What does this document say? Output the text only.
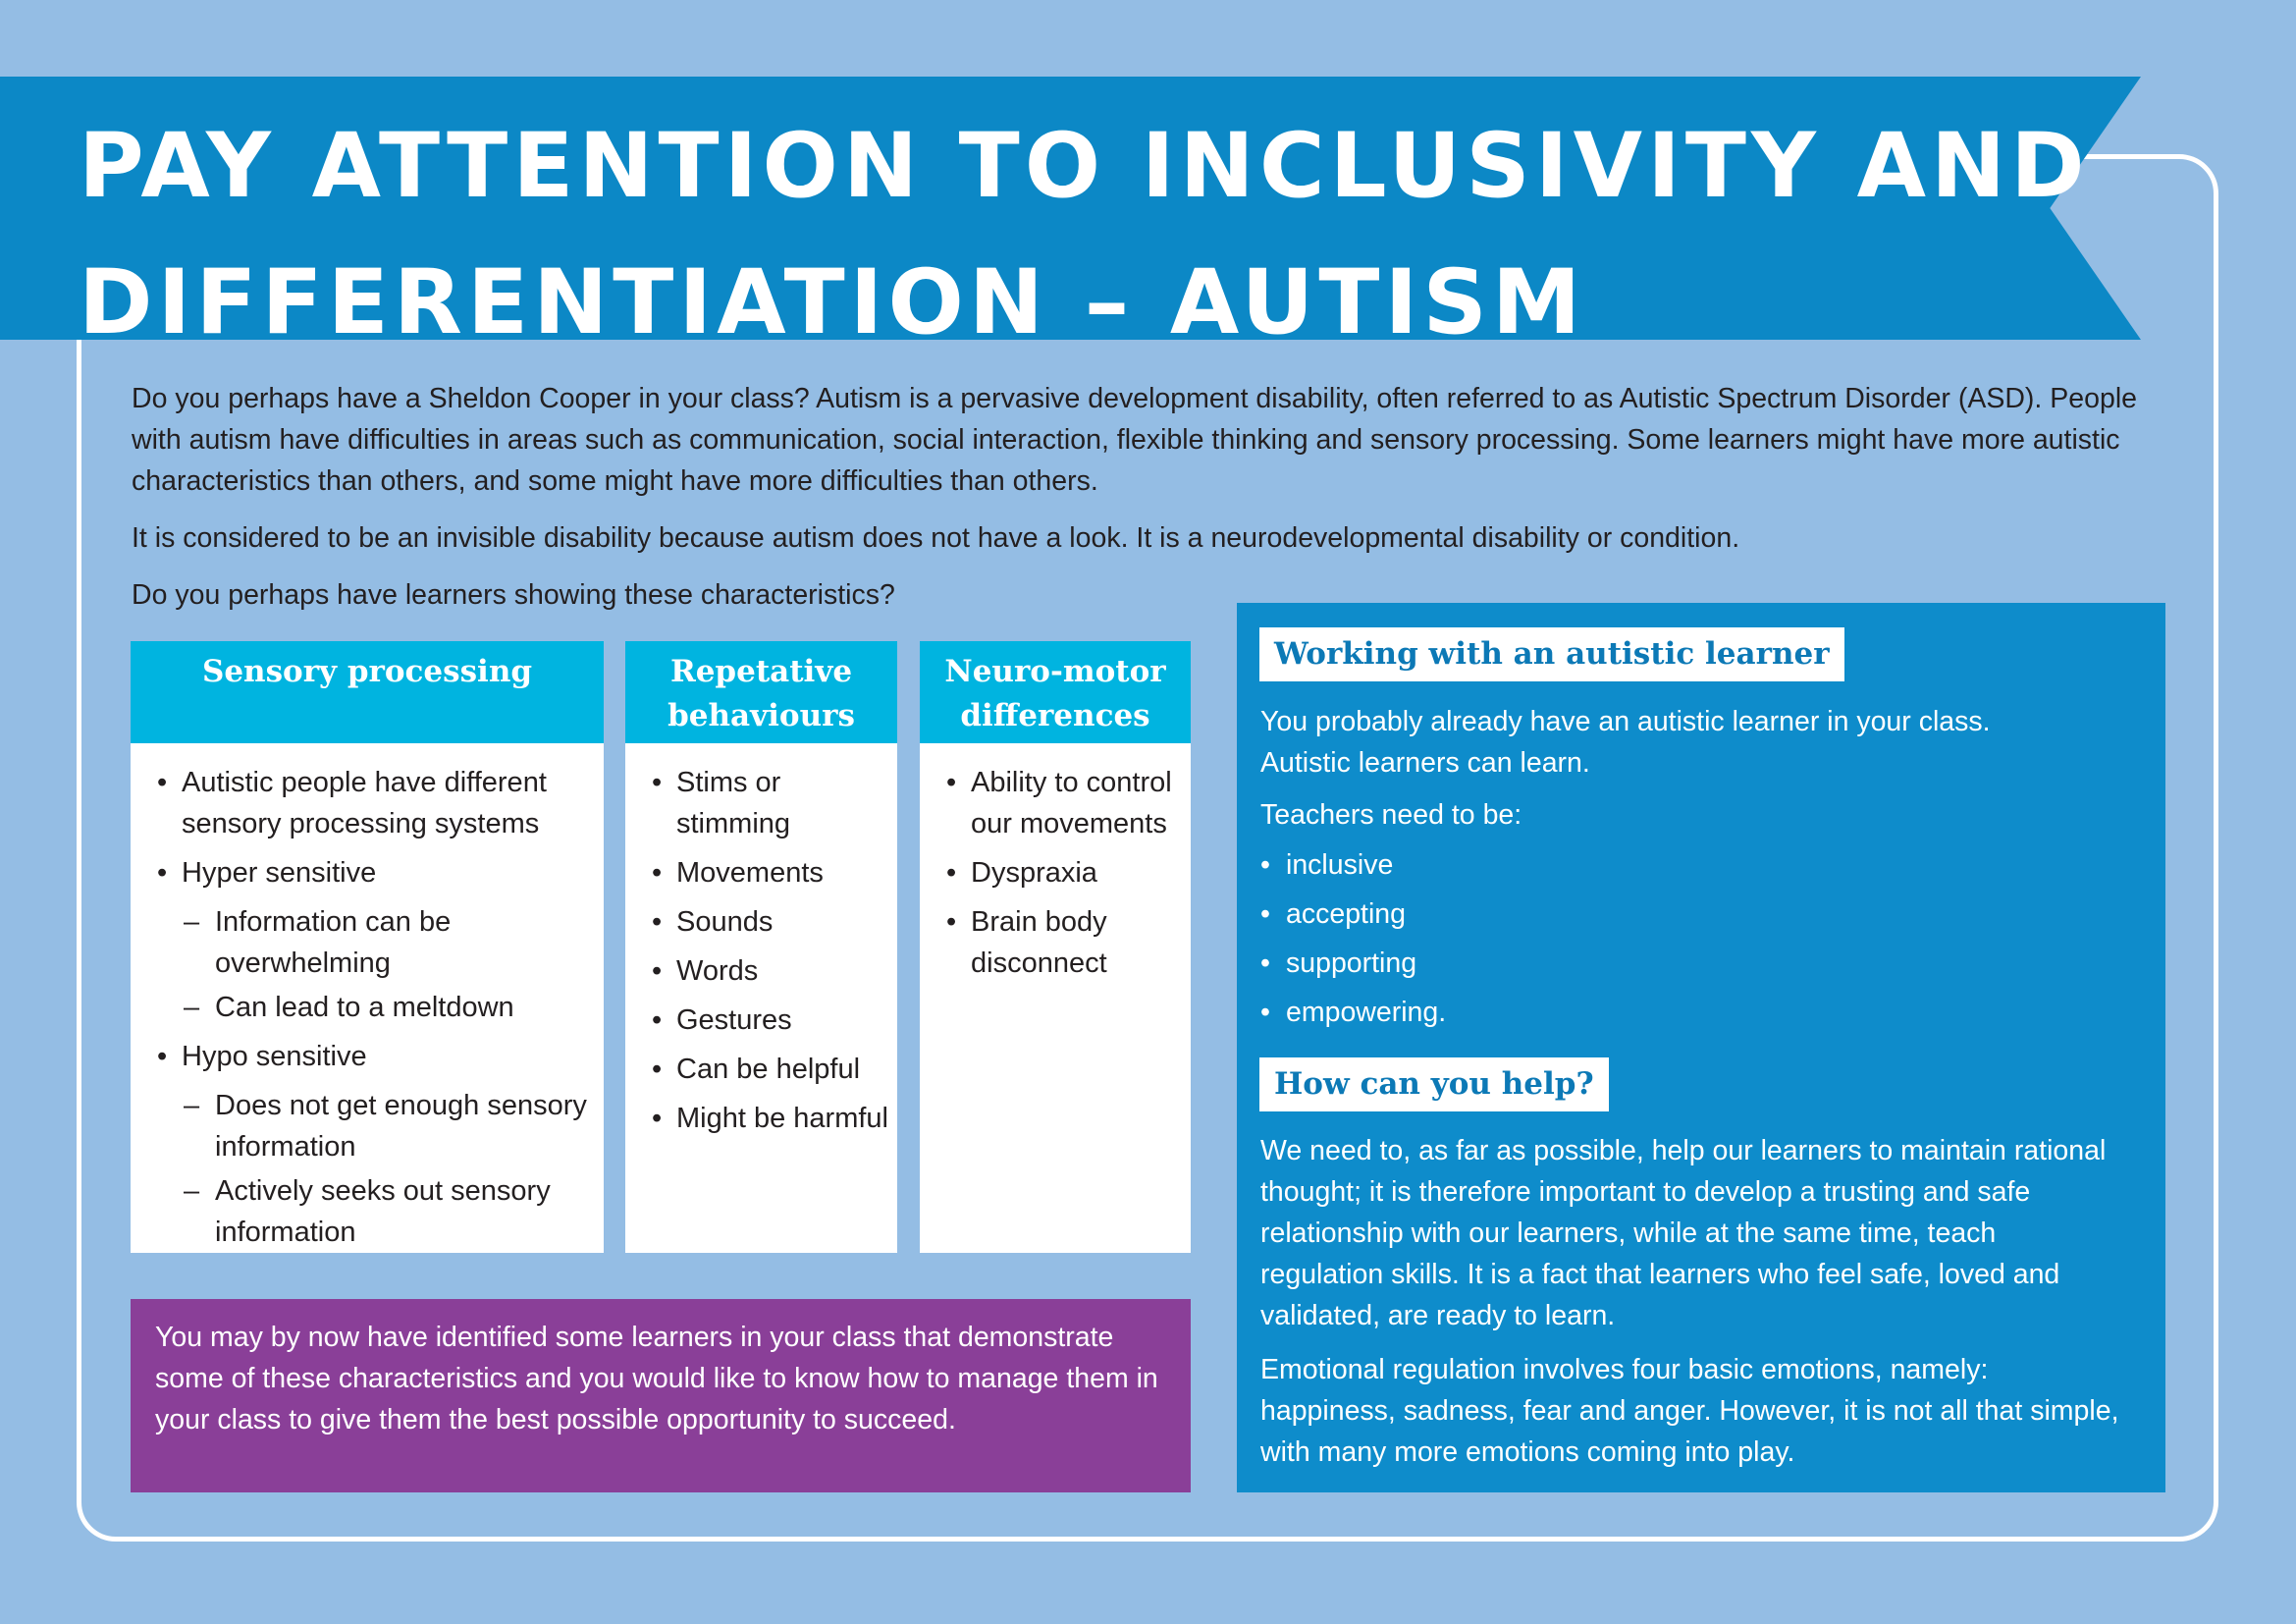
PAY ATTENTION TO INCLUSIVITY AND
DIFFERENTIATION – AUTISM

Do you perhaps have a Sheldon Cooper in your class? Autism is a pervasive development disability, often referred to as Autistic Spectrum Disorder (ASD). People with autism have difficulties in areas such as communication, social interaction, flexible thinking and sensory processing. Some learners might have more autistic characteristics than others, and some might have more difficulties than others.

It is considered to be an invisible disability because autism does not have a look. It is a neurodevelopmental disability or condition.

Do you perhaps have learners showing these characteristics?

Sensory processing
• Autistic people have different sensory processing systems
• Hyper sensitive
– Information can be overwhelming
– Can lead to a meltdown
• Hypo sensitive
– Does not get enough sensory information
– Actively seeks out sensory information
Repetative behaviours
• Stims or stimming
• Movements
• Sounds
• Words
• Gestures
• Can be helpful
• Might be harmful
Neuro-motor differences
• Ability to control our movements
• Dyspraxia
• Brain body disconnect

You may by now have identified some learners in your class that demonstrate some of these characteristics and you would like to know how to manage them in your class to give them the best possible opportunity to succeed.

Working with an autistic learner

You probably already have an autistic learner in your class. Autistic learners can learn.

Teachers need to be:

• inclusive
• accepting
• supporting
• empowering.
How can you help?

We need to, as far as possible, help our learners to maintain rational thought; it is therefore important to develop a trusting and safe relationship with our learners, while at the same time, teach regulation skills. It is a fact that learners who feel safe, loved and validated, are ready to learn.

Emotional regulation involves four basic emotions, namely: happiness, sadness, fear and anger. However, it is not all that simple, with many more emotions coming into play.
